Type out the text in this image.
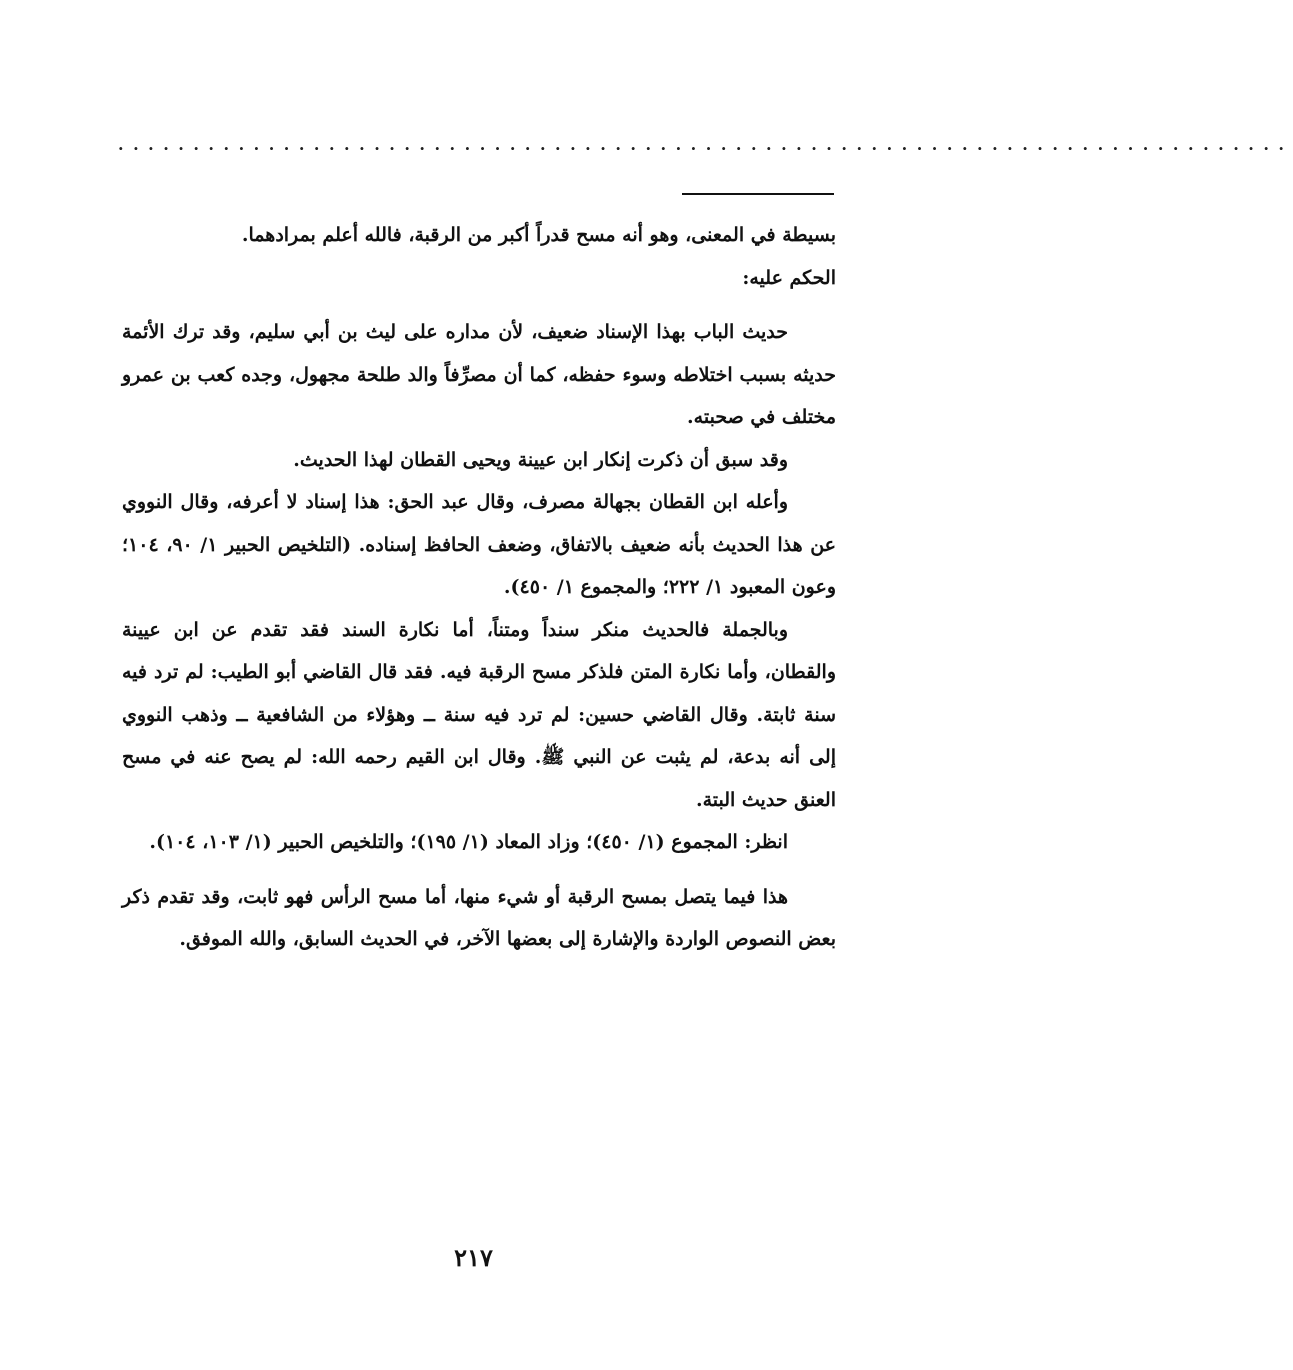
..............................................................................

بسيطة في المعنى، وهو أنه مسح قدراً أكبر من الرقبة، فالله أعلم بمرادهما.

الحكم عليه:

حديث الباب بهذا الإسناد ضعيف، لأن مداره على ليث بن أبي سليم، وقد ترك الأئمة حديثه بسبب اختلاطه وسوء حفظه، كما أن مصرِّفاً والد طلحة مجهول، وجده كعب بن عمرو مختلف في صحبته.

وقد سبق أن ذكرت إنكار ابن عيينة ويحيى القطان لهذا الحديث.

وأعله ابن القطان بجهالة مصرف، وقال عبد الحق: هذا إسناد لا أعرفه، وقال النووي عن هذا الحديث بأنه ضعيف بالاتفاق، وضعف الحافظ إسناده. (التلخيص الحبير ١/ ٩٠، ١٠٤؛ وعون المعبود ١/ ٢٢٢؛ والمجموع ١/ ٤٥٠).

وبالجملة فالحديث منكر سنداً ومتناً، أما نكارة السند فقد تقدم عن ابن عيينة والقطان، وأما نكارة المتن فلذكر مسح الرقبة فيه. فقد قال القاضي أبو الطيب: لم ترد فيه سنة ثابتة. وقال القاضي حسين: لم ترد فيه سنة ــ وهؤلاء من الشافعية ــ وذهب النووي إلى أنه بدعة، لم يثبت عن النبي ﷺ. وقال ابن القيم رحمه الله: لم يصح عنه في مسح العنق حديث البتة.

انظر: المجموع (١/ ٤٥٠)؛ وزاد المعاد (١/ ١٩٥)؛ والتلخيص الحبير (١/ ١٠٣، ١٠٤).

هذا فيما يتصل بمسح الرقبة أو شيء منها، أما مسح الرأس فهو ثابت، وقد تقدم ذكر بعض النصوص الواردة والإشارة إلى بعضها الآخر، في الحديث السابق، والله الموفق.

٢١٧
